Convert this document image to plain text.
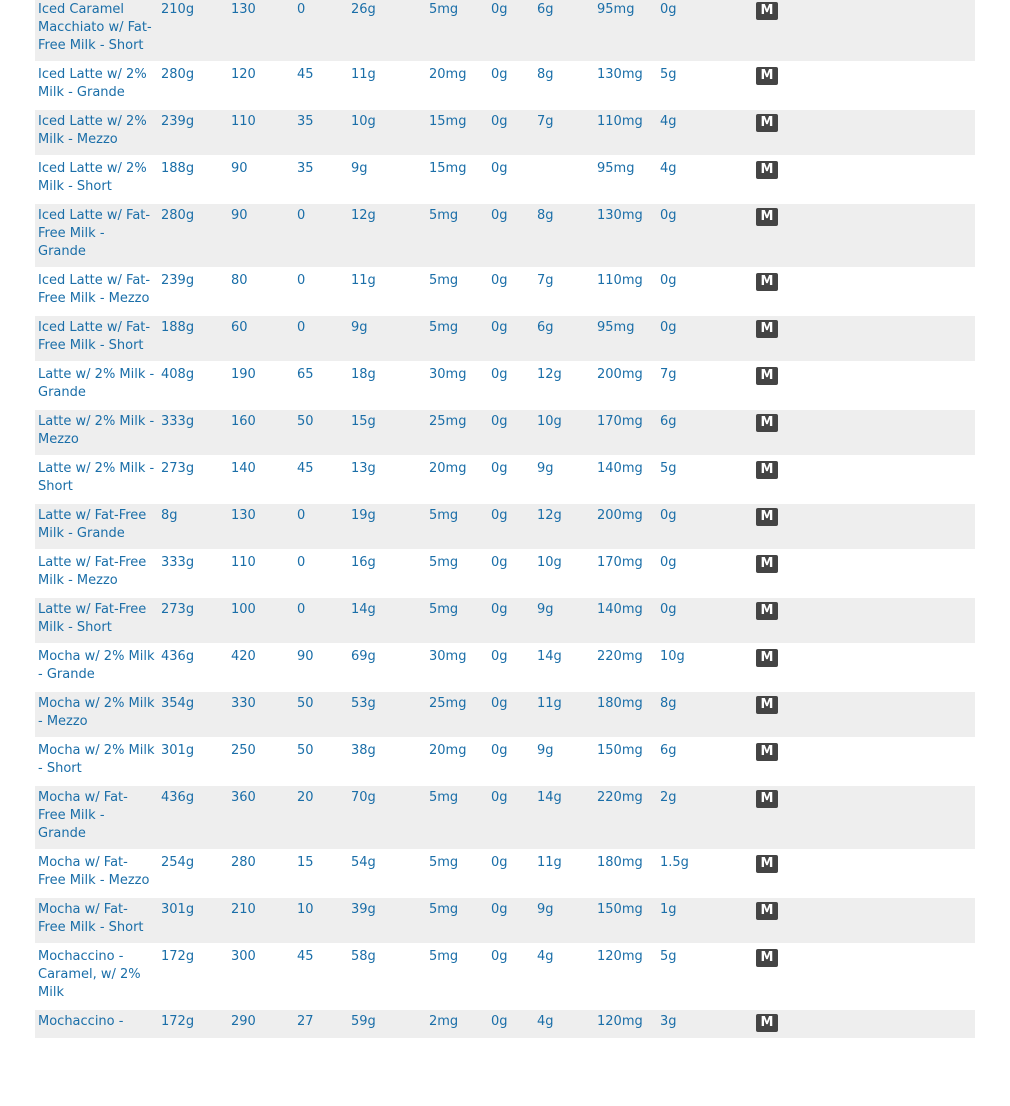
Iced Caramel Macchiato w/ Fat-Free Milk - Short	210g	130	0	26g	5mg	0g	6g	95mg	0g	M

Iced Latte w/ 2% Milk - Grande	280g	120	45	11g	20mg	0g	8g	130mg	5g	M

Iced Latte w/ 2% Milk - Mezzo	239g	110	35	10g	15mg	0g	7g	110mg	4g	M

Iced Latte w/ 2% Milk - Short	188g	90	35	9g	15mg	0g		95mg	4g	M

Iced Latte w/ Fat-Free Milk - Grande	280g	90	0	12g	5mg	0g	8g	130mg	0g	M

Iced Latte w/ Fat-Free Milk - Mezzo	239g	80	0	11g	5mg	0g	7g	110mg	0g	M

Iced Latte w/ Fat-Free Milk - Short	188g	60	0	9g	5mg	0g	6g	95mg	0g	M

Latte w/ 2% Milk - Grande	408g	190	65	18g	30mg	0g	12g	200mg	7g	M

Latte w/ 2% Milk - Mezzo	333g	160	50	15g	25mg	0g	10g	170mg	6g	M

Latte w/ 2% Milk - Short	273g	140	45	13g	20mg	0g	9g	140mg	5g	M

Latte w/ Fat-Free Milk - Grande	8g	130	0	19g	5mg	0g	12g	200mg	0g	M

Latte w/ Fat-Free Milk - Mezzo	333g	110	0	16g	5mg	0g	10g	170mg	0g	M

Latte w/ Fat-Free Milk - Short	273g	100	0	14g	5mg	0g	9g	140mg	0g	M

Mocha w/ 2% Milk - Grande	436g	420	90	69g	30mg	0g	14g	220mg	10g	M

Mocha w/ 2% Milk - Mezzo	354g	330	50	53g	25mg	0g	11g	180mg	8g	M

Mocha w/ 2% Milk - Short	301g	250	50	38g	20mg	0g	9g	150mg	6g	M

Mocha w/ Fat-Free Milk - Grande	436g	360	20	70g	5mg	0g	14g	220mg	2g	M

Mocha w/ Fat-Free Milk - Mezzo	254g	280	15	54g	5mg	0g	11g	180mg	1.5g	M

Mocha w/ Fat-Free Milk - Short	301g	210	10	39g	5mg	0g	9g	150mg	1g	M

Mochaccino - Caramel, w/ 2% Milk	172g	300	45	58g	5mg	0g	4g	120mg	5g	M

Mochaccino -	172g	290	27	59g	2mg	0g	4g	120mg	3g	M
